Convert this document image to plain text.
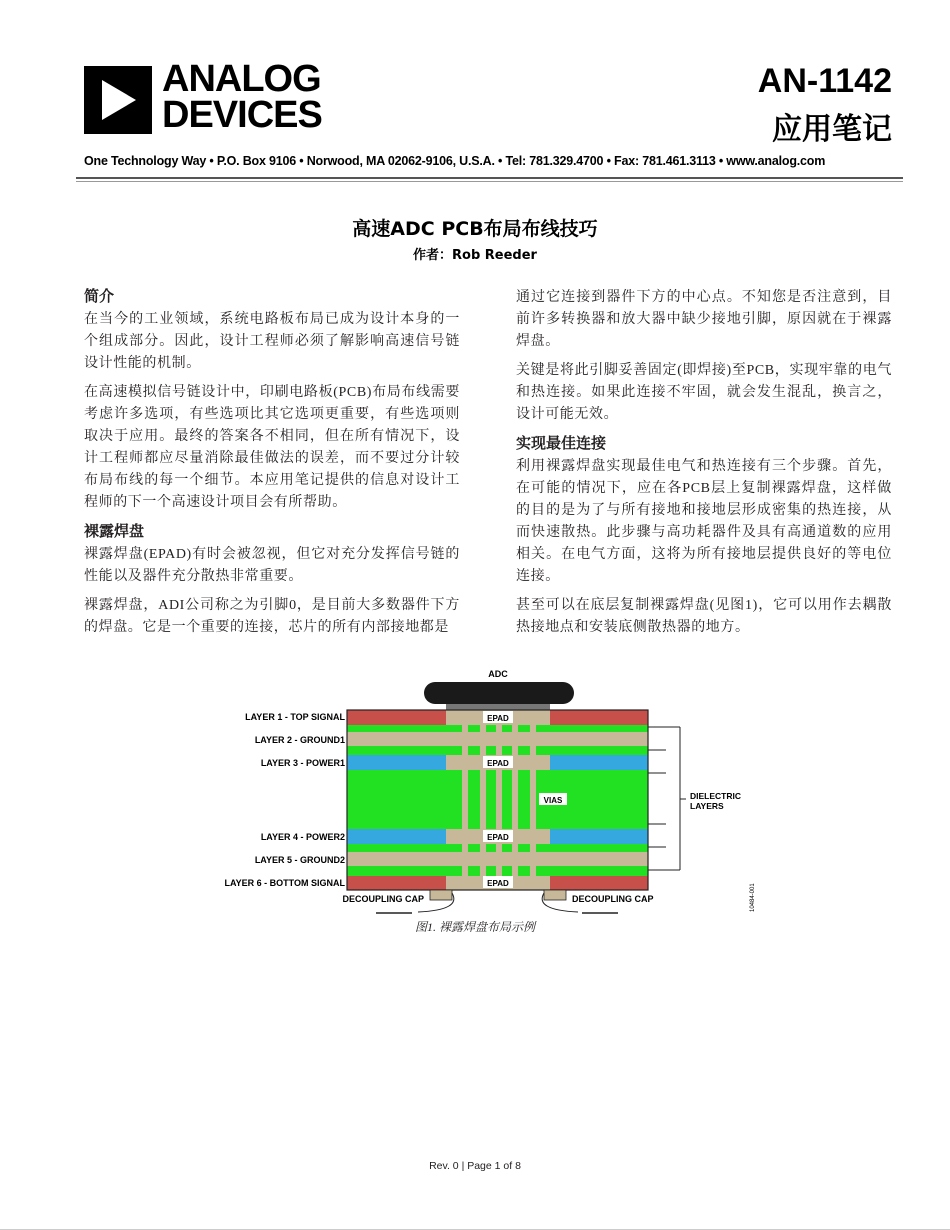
ANALOG
DEVICES
AN-1142
应用笔记
One Technology Way • P.O. Box 9106 • Norwood, MA 02062-9106, U.S.A. • Tel: 781.329.4700 • Fax: 781.461.3113 • www.analog.com
高速ADC PCB布局布线技巧
作者：Rob Reeder
简介

在当今的工业领域，系统电路板布局已成为设计本身的一个组成部分。因此，设计工程师必须了解影响高速信号链设计性能的机制。

在高速模拟信号链设计中，印刷电路板(PCB)布局布线需要考虑许多选项，有些选项比其它选项更重要，有些选项则取决于应用。最终的答案各不相同，但在所有情况下，设计工程师都应尽量消除最佳做法的误差，而不要过分计较布局布线的每一个细节。本应用笔记提供的信息对设计工程师的下一个高速设计项目会有所帮助。

裸露焊盘

裸露焊盘(EPAD)有时会被忽视，但它对充分发挥信号链的性能以及器件充分散热非常重要。

裸露焊盘，ADI公司称之为引脚0，是目前大多数器件下方的焊盘。它是一个重要的连接，芯片的所有内部接地都是

通过它连接到器件下方的中心点。不知您是否注意到，目前许多转换器和放大器中缺少接地引脚，原因就在于裸露焊盘。

关键是将此引脚妥善固定(即焊接)至PCB，实现牢靠的电气和热连接。如果此连接不牢固，就会发生混乱，换言之，设计可能无效。

实现最佳连接

利用裸露焊盘实现最佳电气和热连接有三个步骤。首先，在可能的情况下，应在各PCB层上复制裸露焊盘，这样做的目的是为了与所有接地和接地层形成密集的热连接，从而快速散热。此步骤与高功耗器件及具有高通道数的应用相关。在电气方面，这将为所有接地层提供良好的等电位连接。

甚至可以在底层复制裸露焊盘(见图1)，它可以用作去耦散热接地点和安装底侧散热器的地方。

ADC
EPAD
EPAD
EPAD
EPAD
VIAS
LAYER 1 - TOP SIGNAL
LAYER 2 - GROUND1
LAYER 3 - POWER1
LAYER 4 - POWER2
LAYER 5 - GROUND2
LAYER 6 - BOTTOM SIGNAL
DIELECTRIC
LAYERS
DECOUPLING CAP	DECOUPLING CAP	10484-001
图1. 裸露焊盘布局示例
Rev. 0 | Page 1 of 8
